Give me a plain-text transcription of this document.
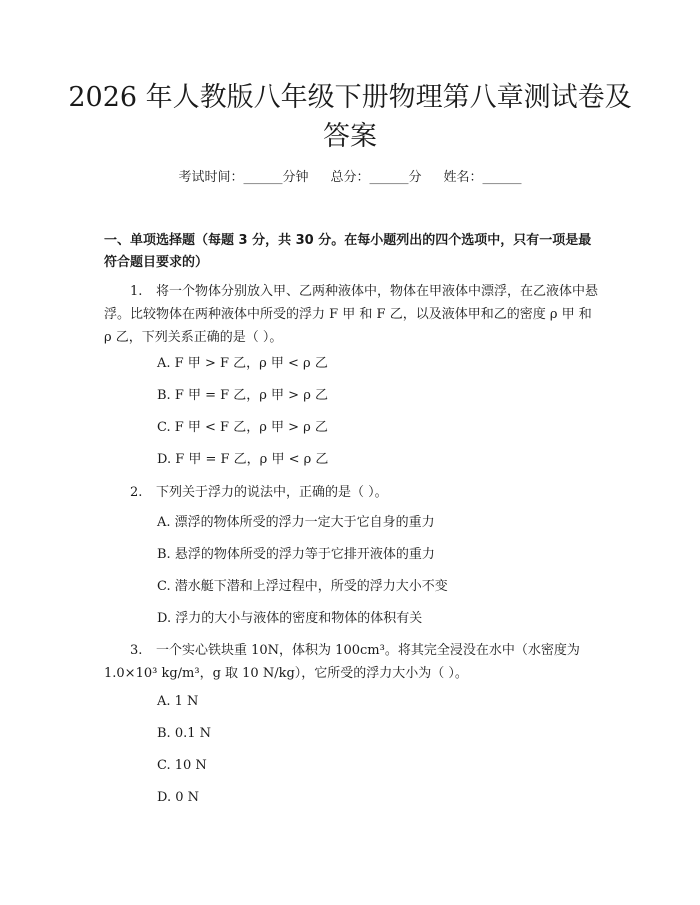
2026 年人教版八年级下册物理第八章测试卷及答案
考试时间：______分钟 总分：______分 姓名：______
一、单项选择题（每题 3 分，共 30 分。在每小题列出的四个选项中，只有一项是最符合题目要求的）
1. 将一个物体分别放入甲、乙两种液体中，物体在甲液体中漂浮，在乙液体中悬浮。比较物体在两种液体中所受的浮力 F 甲 和 F 乙，以及液体甲和乙的密度 ρ 甲 和 ρ 乙，下列关系正确的是（ ）。
A. F 甲 > F 乙，ρ 甲 < ρ 乙
B. F 甲 = F 乙，ρ 甲 > ρ 乙
C. F 甲 < F 乙，ρ 甲 > ρ 乙
D. F 甲 = F 乙，ρ 甲 < ρ 乙
2. 下列关于浮力的说法中，正确的是（ ）。
A. 漂浮的物体所受的浮力一定大于它自身的重力
B. 悬浮的物体所受的浮力等于它排开液体的重力
C. 潜水艇下潜和上浮过程中，所受的浮力大小不变
D. 浮力的大小与液体的密度和物体的体积有关
3. 一个实心铁块重 10N，体积为 100cm³。将其完全浸没在水中（水密度为 1.0×10³ kg/m³，g 取 10 N/kg），它所受的浮力大小为（ ）。
A. 1 N
B. 0.1 N
C. 10 N
D. 0 N
